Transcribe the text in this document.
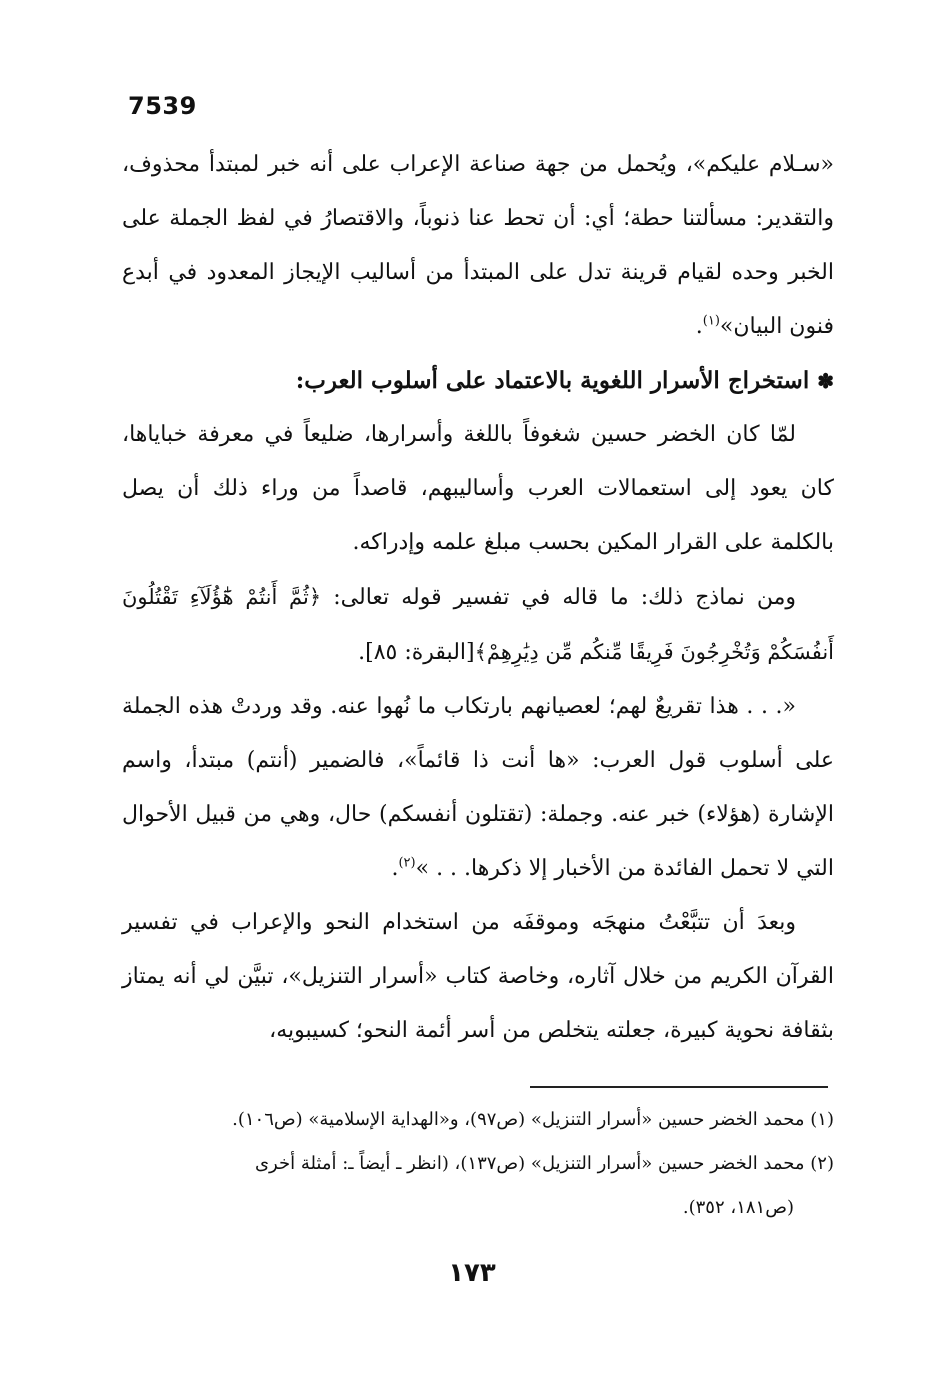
7539

«سـلام عليكم»، ويُحمل من جهة صناعة الإعراب على أنه خبر لمبتدأ محذوف، والتقدير: مسألتنا حطة؛ أي: أن تحط عنا ذنوباً، والاقتصارُ في لفظ الجملة على الخبر وحده لقيام قرينة تدل على المبتدأ من أساليب الإيجاز المعدود في أبدع فنون البيان»$^{(١)}$.

✽ استخراج الأسرار اللغوية بالاعتماد على أسلوب العرب:

لمّا كان الخضر حسين شغوفاً باللغة وأسرارها، ضليعاً في معرفة خباياها، كان يعود إلى استعمالات العرب وأساليبهم، قاصداً من وراء ذلك أن يصل بالكلمة على القرار المكين بحسب مبلغ علمه وإدراكه.

ومن نماذج ذلك: ما قاله في تفسير قوله تعالى: ﴿ثُمَّ أَنتُمْ هَٰٓؤُلَآءِ تَقْتُلُونَ أَنفُسَكُمْ وَتُخْرِجُونَ فَرِيقًا مِّنكُم مِّن دِيَٰرِهِمْ﴾[البقرة: ٨٥].

«. . . هذا تقريعٌ لهم؛ لعصيانهم بارتكاب ما نُهوا عنه. وقد وردتْ هذه الجملة على أسلوب قول العرب: «ها أنت ذا قائماً»، فالضمير (أنتم) مبتدأ، واسم الإشارة (هؤلاء) خبر عنه. وجملة: (تقتلون أنفسكم) حال، وهي من قبيل الأحوال التي لا تحمل الفائدة من الأخبار إلا ذكرها. . . »$^{(٢)}$.

وبعدَ أن تتبَّعْتُ منهجَه وموقفَه من استخدام النحو والإعراب في تفسير القرآن الكريم من خلال آثاره، وخاصة كتاب «أسرار التنزيل»، تبيَّن لي أنه يمتاز بثقافة نحوية كبيرة، جعلته يتخلص من أسر أئمة النحو؛ كسيبويه،

(١) محمد الخضر حسين «أسرار التنزيل» (ص٩٧)، و«الهداية الإسلامية» (ص١٠٦).

(٢) محمد الخضر حسين «أسرار التنزيل» (ص١٣٧)، (انظر ـ أيضاً ـ: أمثلة أخرى

(ص١٨١، ٣٥٢).

١٧٣
